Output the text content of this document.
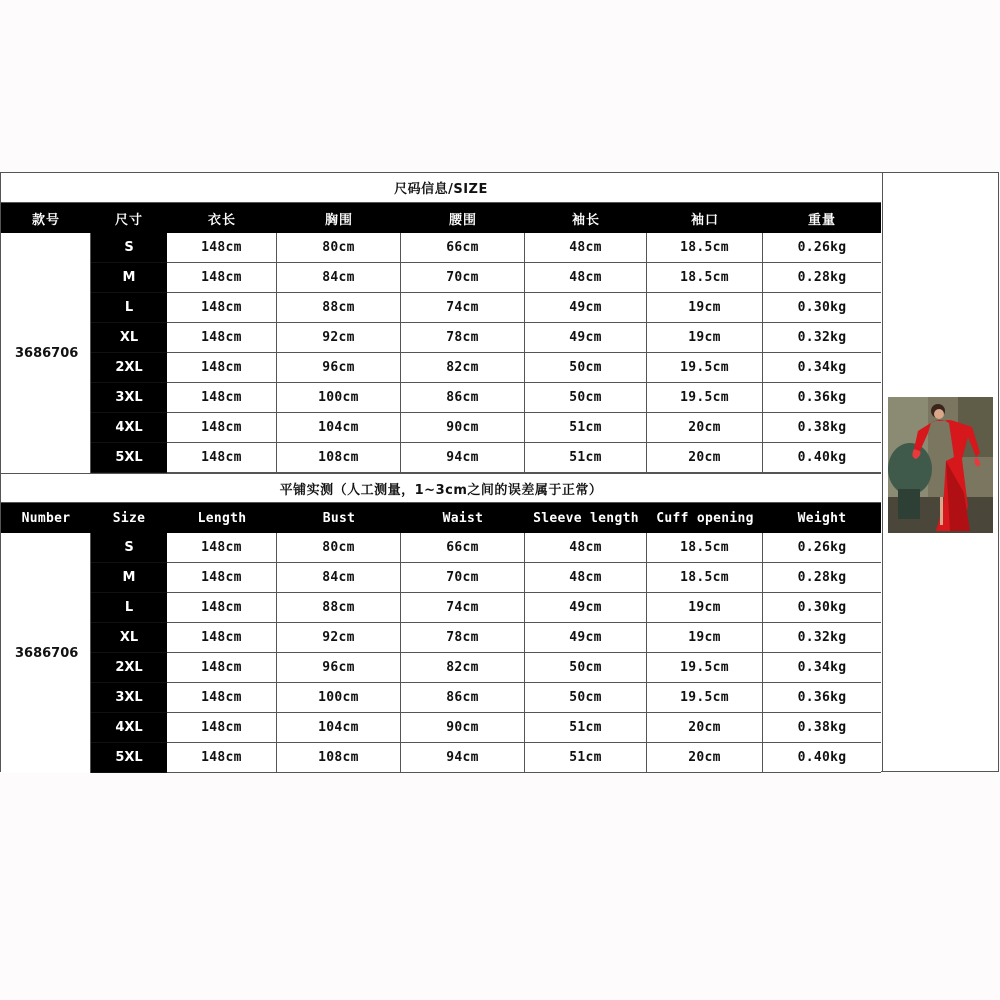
尺码信息/SIZE
款号	尺寸	衣长	胸围	腰围	袖长	袖口	重量
3686706
S	148cm	80cm	66cm	48cm	18.5cm	0.26kg
M	148cm	84cm	70cm	48cm	18.5cm	0.28kg
L	148cm	88cm	74cm	49cm	19cm	0.30kg
XL	148cm	92cm	78cm	49cm	19cm	0.32kg
2XL	148cm	96cm	82cm	50cm	19.5cm	0.34kg
3XL	148cm	100cm	86cm	50cm	19.5cm	0.36kg
4XL	148cm	104cm	90cm	51cm	20cm	0.38kg
5XL	148cm	108cm	94cm	51cm	20cm	0.40kg
平铺实测（人工测量，1~3cm之间的误差属于正常）
Number	Size	Length	Bust	Waist	Sleeve length	Cuff opening	Weight
3686706
S	148cm	80cm	66cm	48cm	18.5cm	0.26kg
M	148cm	84cm	70cm	48cm	18.5cm	0.28kg
L	148cm	88cm	74cm	49cm	19cm	0.30kg
XL	148cm	92cm	78cm	49cm	19cm	0.32kg
2XL	148cm	96cm	82cm	50cm	19.5cm	0.34kg
3XL	148cm	100cm	86cm	50cm	19.5cm	0.36kg
4XL	148cm	104cm	90cm	51cm	20cm	0.38kg
5XL	148cm	108cm	94cm	51cm	20cm	0.40kg
